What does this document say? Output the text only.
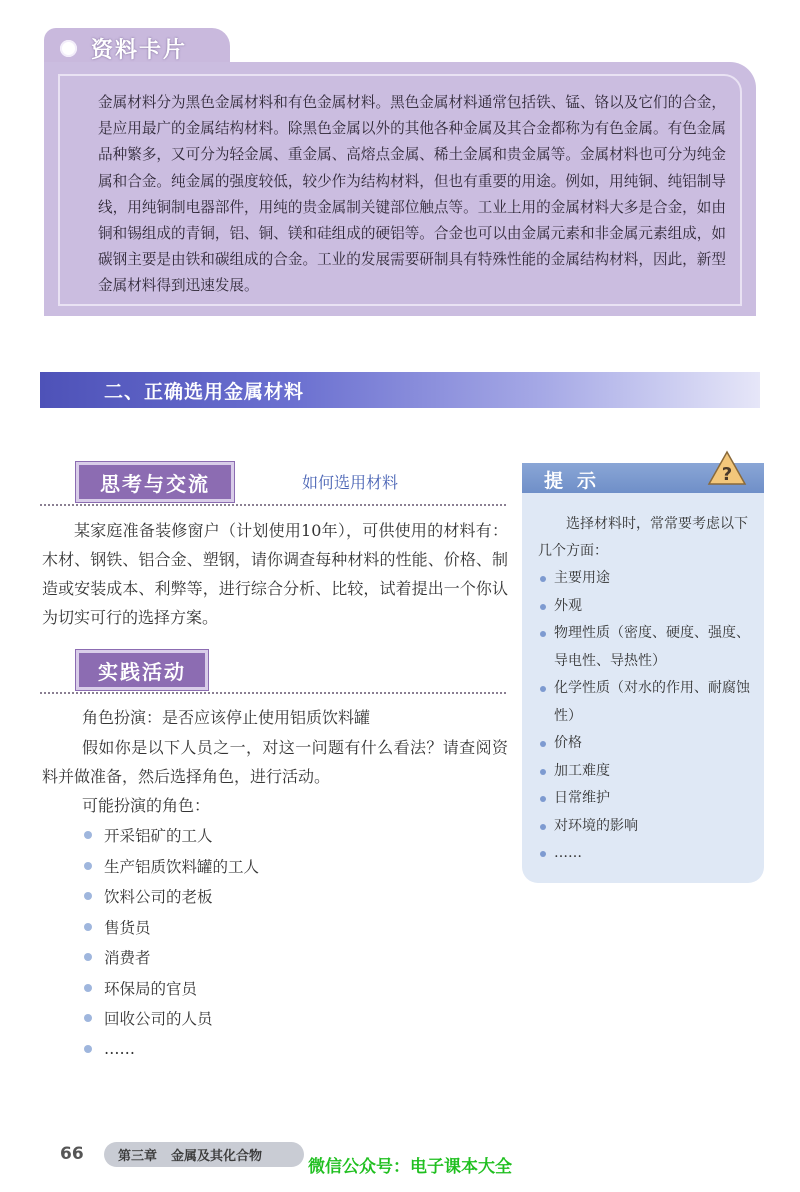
资料卡片
金属材料分为黑色金属材料和有色金属材料。黑色金属材料通常包括铁、锰、铬以及它们的合金，是应用最广的金属结构材料。除黑色金属以外的其他各种金属及其合金都称为有色金属。有色金属品种繁多，又可分为轻金属、重金属、高熔点金属、稀土金属和贵金属等。金属材料也可分为纯金属和合金。纯金属的强度较低，较少作为结构材料，但也有重要的用途。例如，用纯铜、纯铝制导线，用纯铜制电器部件，用纯的贵金属制关键部位触点等。工业上用的金属材料大多是合金，如由铜和锡组成的青铜，铝、铜、镁和硅组成的硬铝等。合金也可以由金属元素和非金属元素组成，如碳钢主要是由铁和碳组成的合金。工业的发展需要研制具有特殊性能的金属结构材料，因此，新型金属材料得到迅速发展。
二、正确选用金属材料
思考与交流	如何选用材料
某家庭准备装修窗户（计划使用10年），可供使用的材料有：木材、钢铁、铝合金、塑钢，请你调查每种材料的性能、价格、制造或安装成本、利弊等，进行综合分析、比较，试着提出一个你认为切实可行的选择方案。
实践活动
角色扮演：是否应该停止使用铝质饮料罐
假如你是以下人员之一，对这一问题有什么看法？请查阅资料并做准备，然后选择角色，进行活动。
可能扮演的角色：
开采铝矿的工人
生产铝质饮料罐的工人
饮料公司的老板
售货员
消费者
环保局的官员
回收公司的人员
……
提示	?
选择材料时，常常要考虑以下几个方面：
主要用途
外观
物理性质（密度、硬度、强度、导电性、导热性）
化学性质（对水的作用、耐腐蚀性）
价格
加工难度
日常维护
对环境的影响
……
66	第三章 金属及其化合物
微信公众号：电子课本大全
